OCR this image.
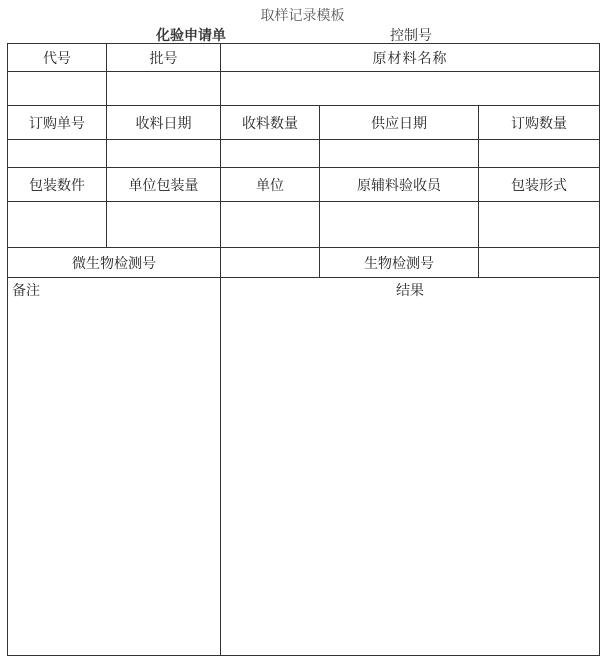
取样记录模板
化验申请单	控制号
代号	批号	原材料名称		

订购单号	收料日期	收料数量	供应日期	订购数量

包装数件	单位包装量	单位	原辅料验收员	包装形式

微生物检测号			生物检测号	
备注		结果		
